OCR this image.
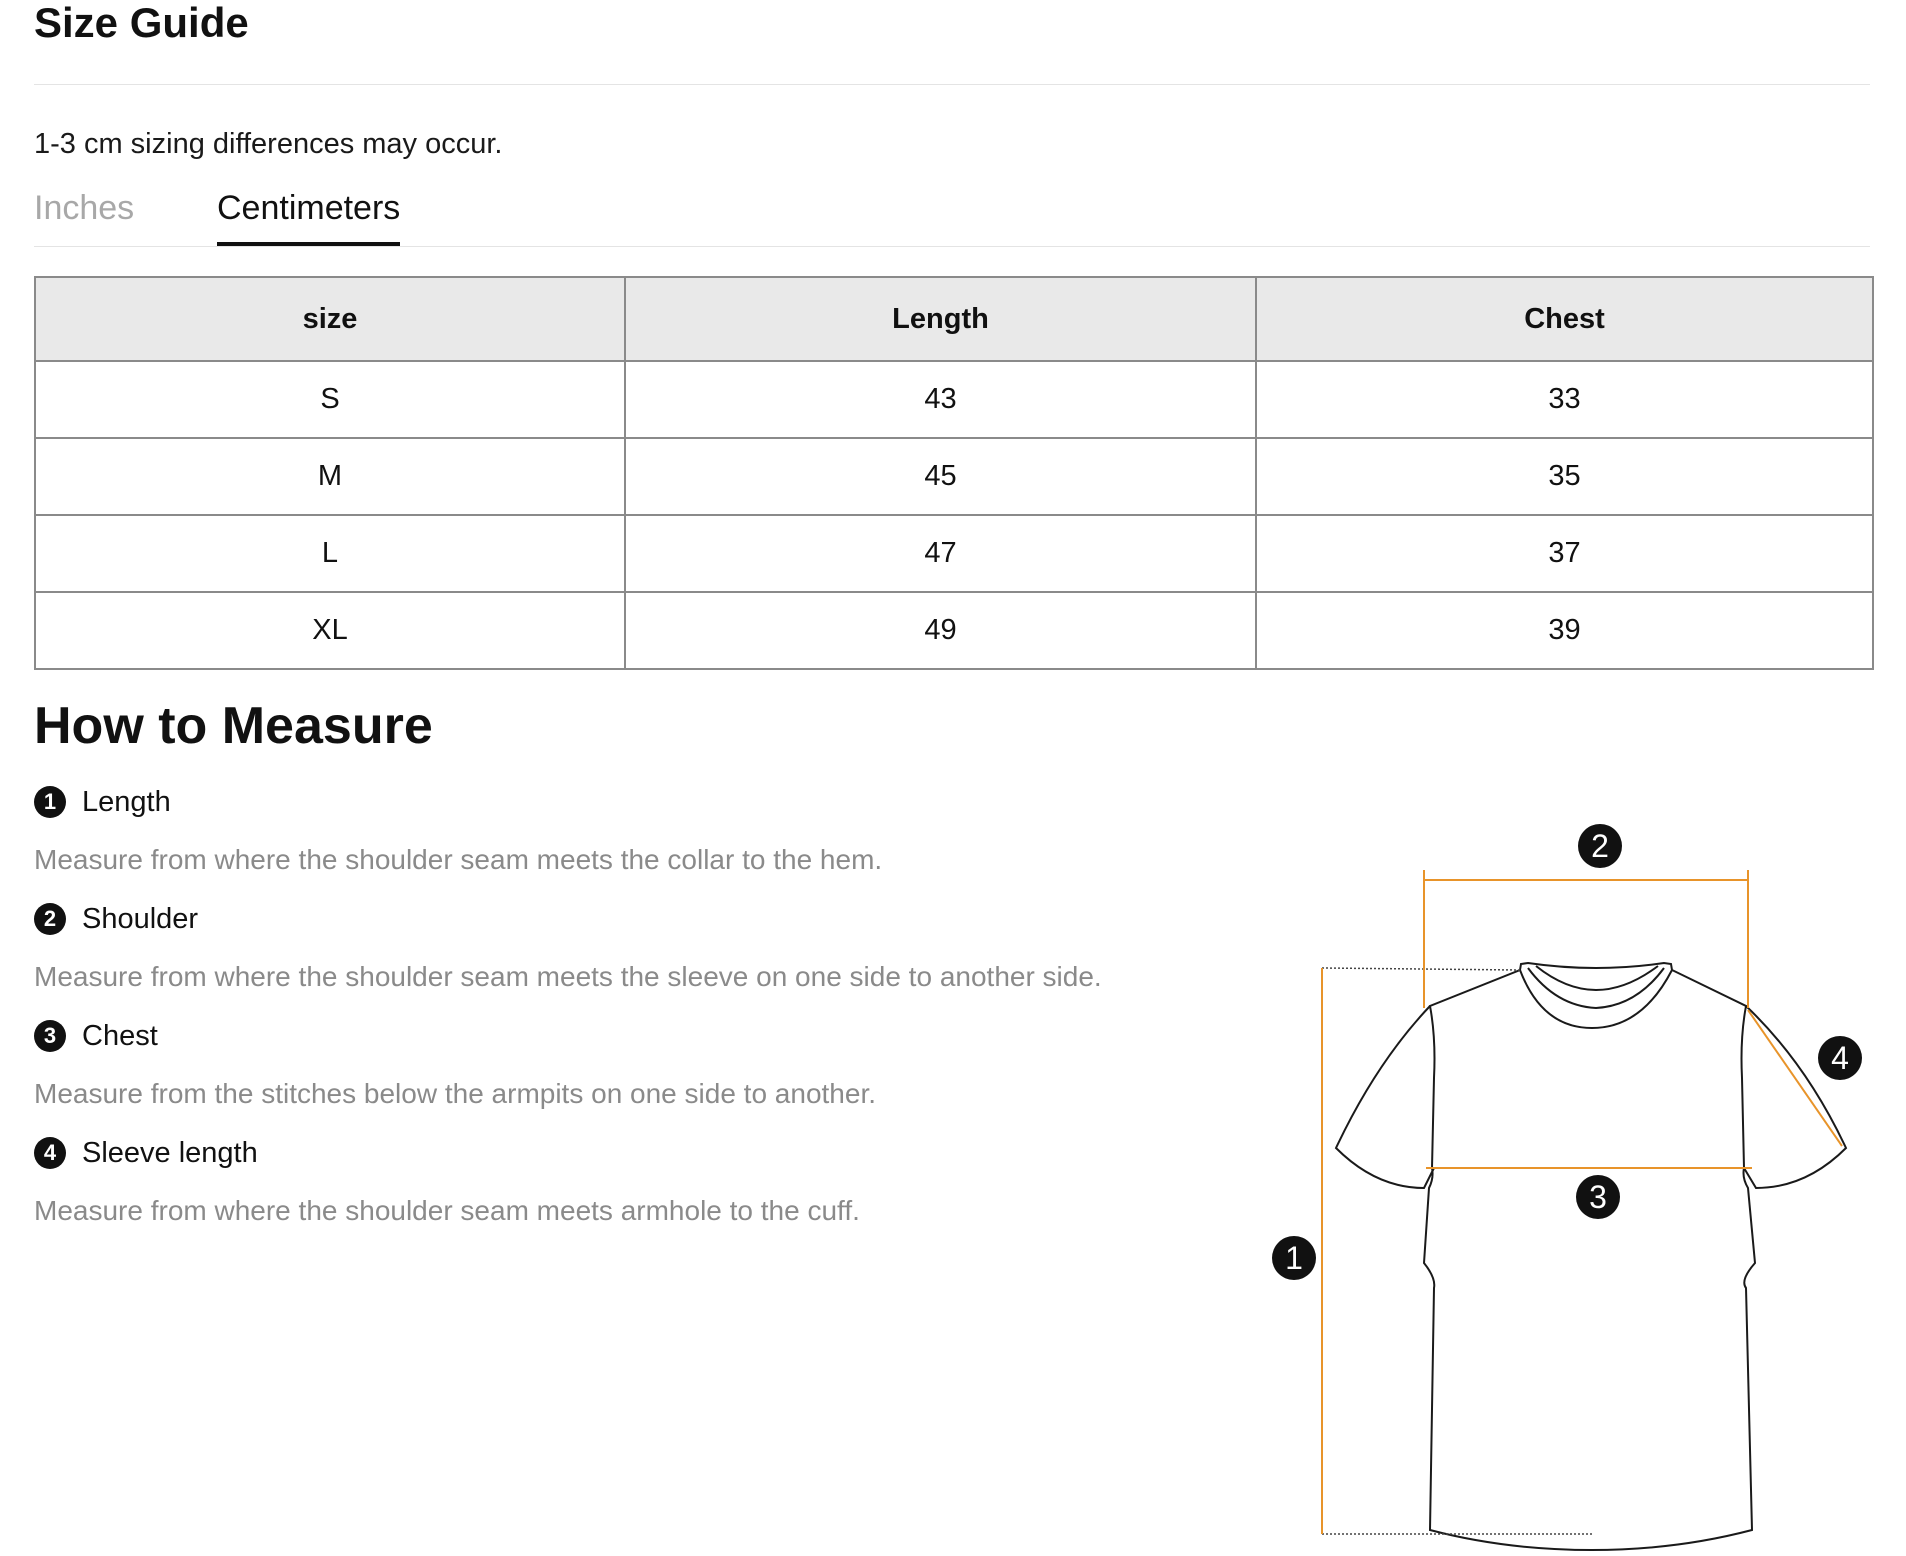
Size Guide
1-3 cm sizing differences may occur.
Inches Centimeters
size	Length	Chest
S	43	33
M	45	35
L	47	37
XL	49	39
How to Measure
1 Length
Measure from where the shoulder seam meets the collar to the hem.
2 Shoulder
Measure from where the shoulder seam meets the sleeve on one side to another side.
3 Chest
Measure from the stitches below the armpits on one side to another.
4 Sleeve length
Measure from where the shoulder seam meets armhole to the cuff.
1
2
3
4
